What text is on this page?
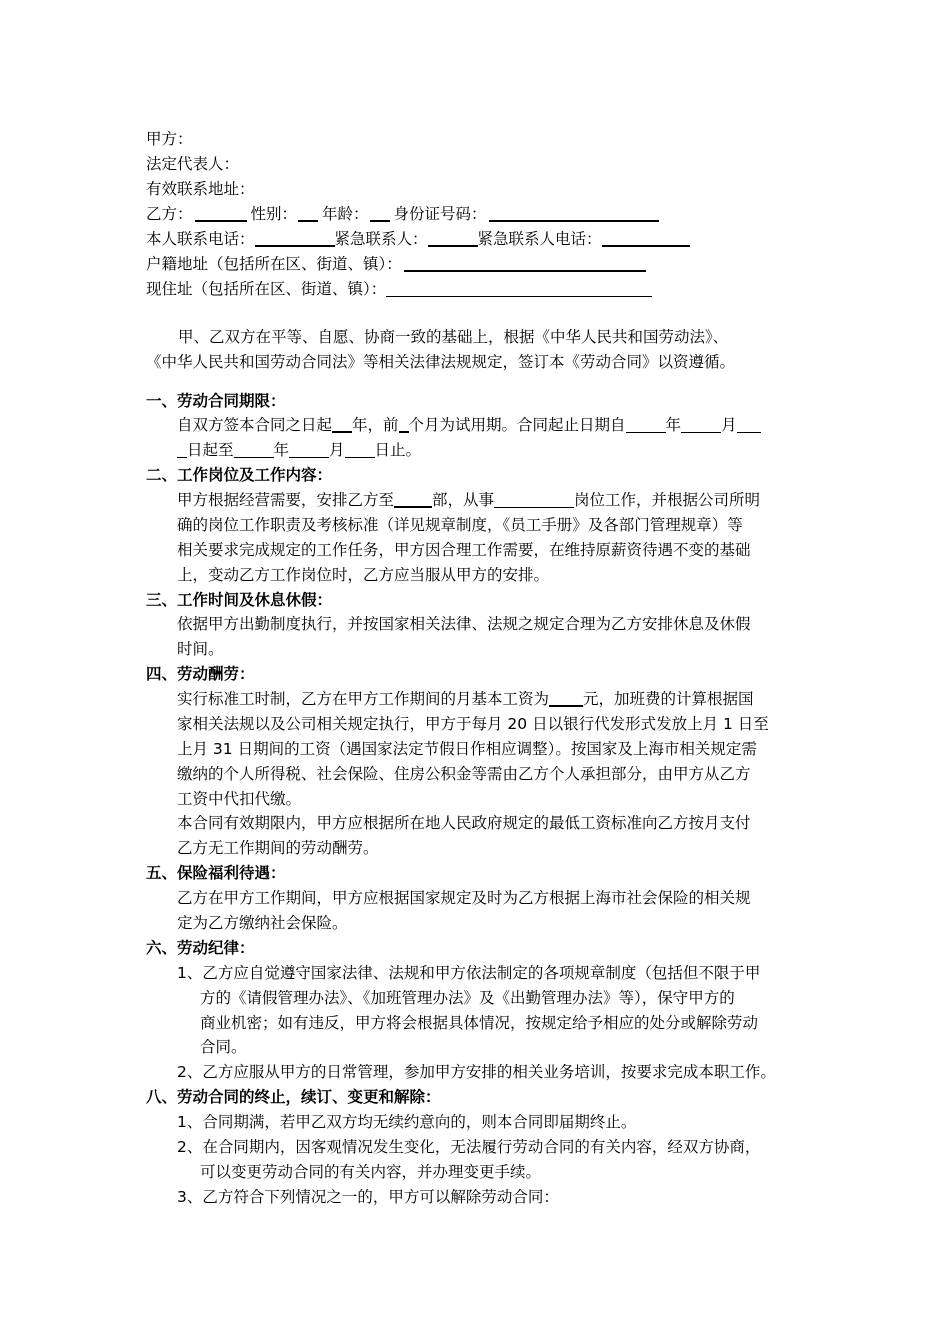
甲方：
法定代表人：
有效联系地址：
乙方：	性别： 年龄： 身份证号码：
本人联系电话：	紧急联系人：	紧急联系人电话：
户籍地址（包括所在区、街道、镇）：
现住址（包括所在区、街道、镇）：
甲、乙双方在平等、自愿、协商一致的基础上，根据《中华人民共和国劳动法》、
《中华人民共和国劳动合同法》等相关法律法规规定，签订本《劳动合同》以资遵循。
一、劳动合同期限：
自双方签本合同之日起 年，前 个月为试用期。合同起止日期自	年	月
日起至	年	月 日止。
二、工作岗位及工作内容：
甲方根据经营需要，安排乙方至 部，从事	岗位工作，并根据公司所明
确的岗位工作职责及考核标准（详见规章制度，《员工手册》及各部门管理规章）等
相关要求完成规定的工作任务，甲方因合理工作需要，在维持原薪资待遇不变的基础
上，变动乙方工作岗位时，乙方应当服从甲方的安排。
三、工作时间及休息休假：
依据甲方出勤制度执行，并按国家相关法律、法规之规定合理为乙方安排休息及休假
时间。
四、劳动酬劳：
实行标准工时制，乙方在甲方工作期间的月基本工资为 元，加班费的计算根据国
家相关法规以及公司相关规定执行，甲方于每月 20 日以银行代发形式发放上月 1 日至
上月 31 日期间的工资（遇国家法定节假日作相应调整）。按国家及上海市相关规定需
缴纳的个人所得税、社会保险、住房公积金等需由乙方个人承担部分，由甲方从乙方
工资中代扣代缴。
本合同有效期限内，甲方应根据所在地人民政府规定的最低工资标准向乙方按月支付
乙方无工作期间的劳动酬劳。
五、保险福利待遇：
乙方在甲方工作期间，甲方应根据国家规定及时为乙方根据上海市社会保险的相关规
定为乙方缴纳社会保险。
六、劳动纪律：
1、乙方应自觉遵守国家法律、法规和甲方依法制定的各项规章制度（包括但不限于甲
方的《请假管理办法》、《加班管理办法》及《出勤管理办法》等），保守甲方的
商业机密；如有违反，甲方将会根据具体情况，按规定给予相应的处分或解除劳动
合同。
2、乙方应服从甲方的日常管理，参加甲方安排的相关业务培训，按要求完成本职工作。
八、劳动合同的终止，续订、变更和解除：
1、合同期满，若甲乙双方均无续约意向的，则本合同即届期终止。
2、在合同期内，因客观情况发生变化，无法履行劳动合同的有关内容，经双方协商，
可以变更劳动合同的有关内容，并办理变更手续。
3、乙方符合下列情况之一的，甲方可以解除劳动合同：
